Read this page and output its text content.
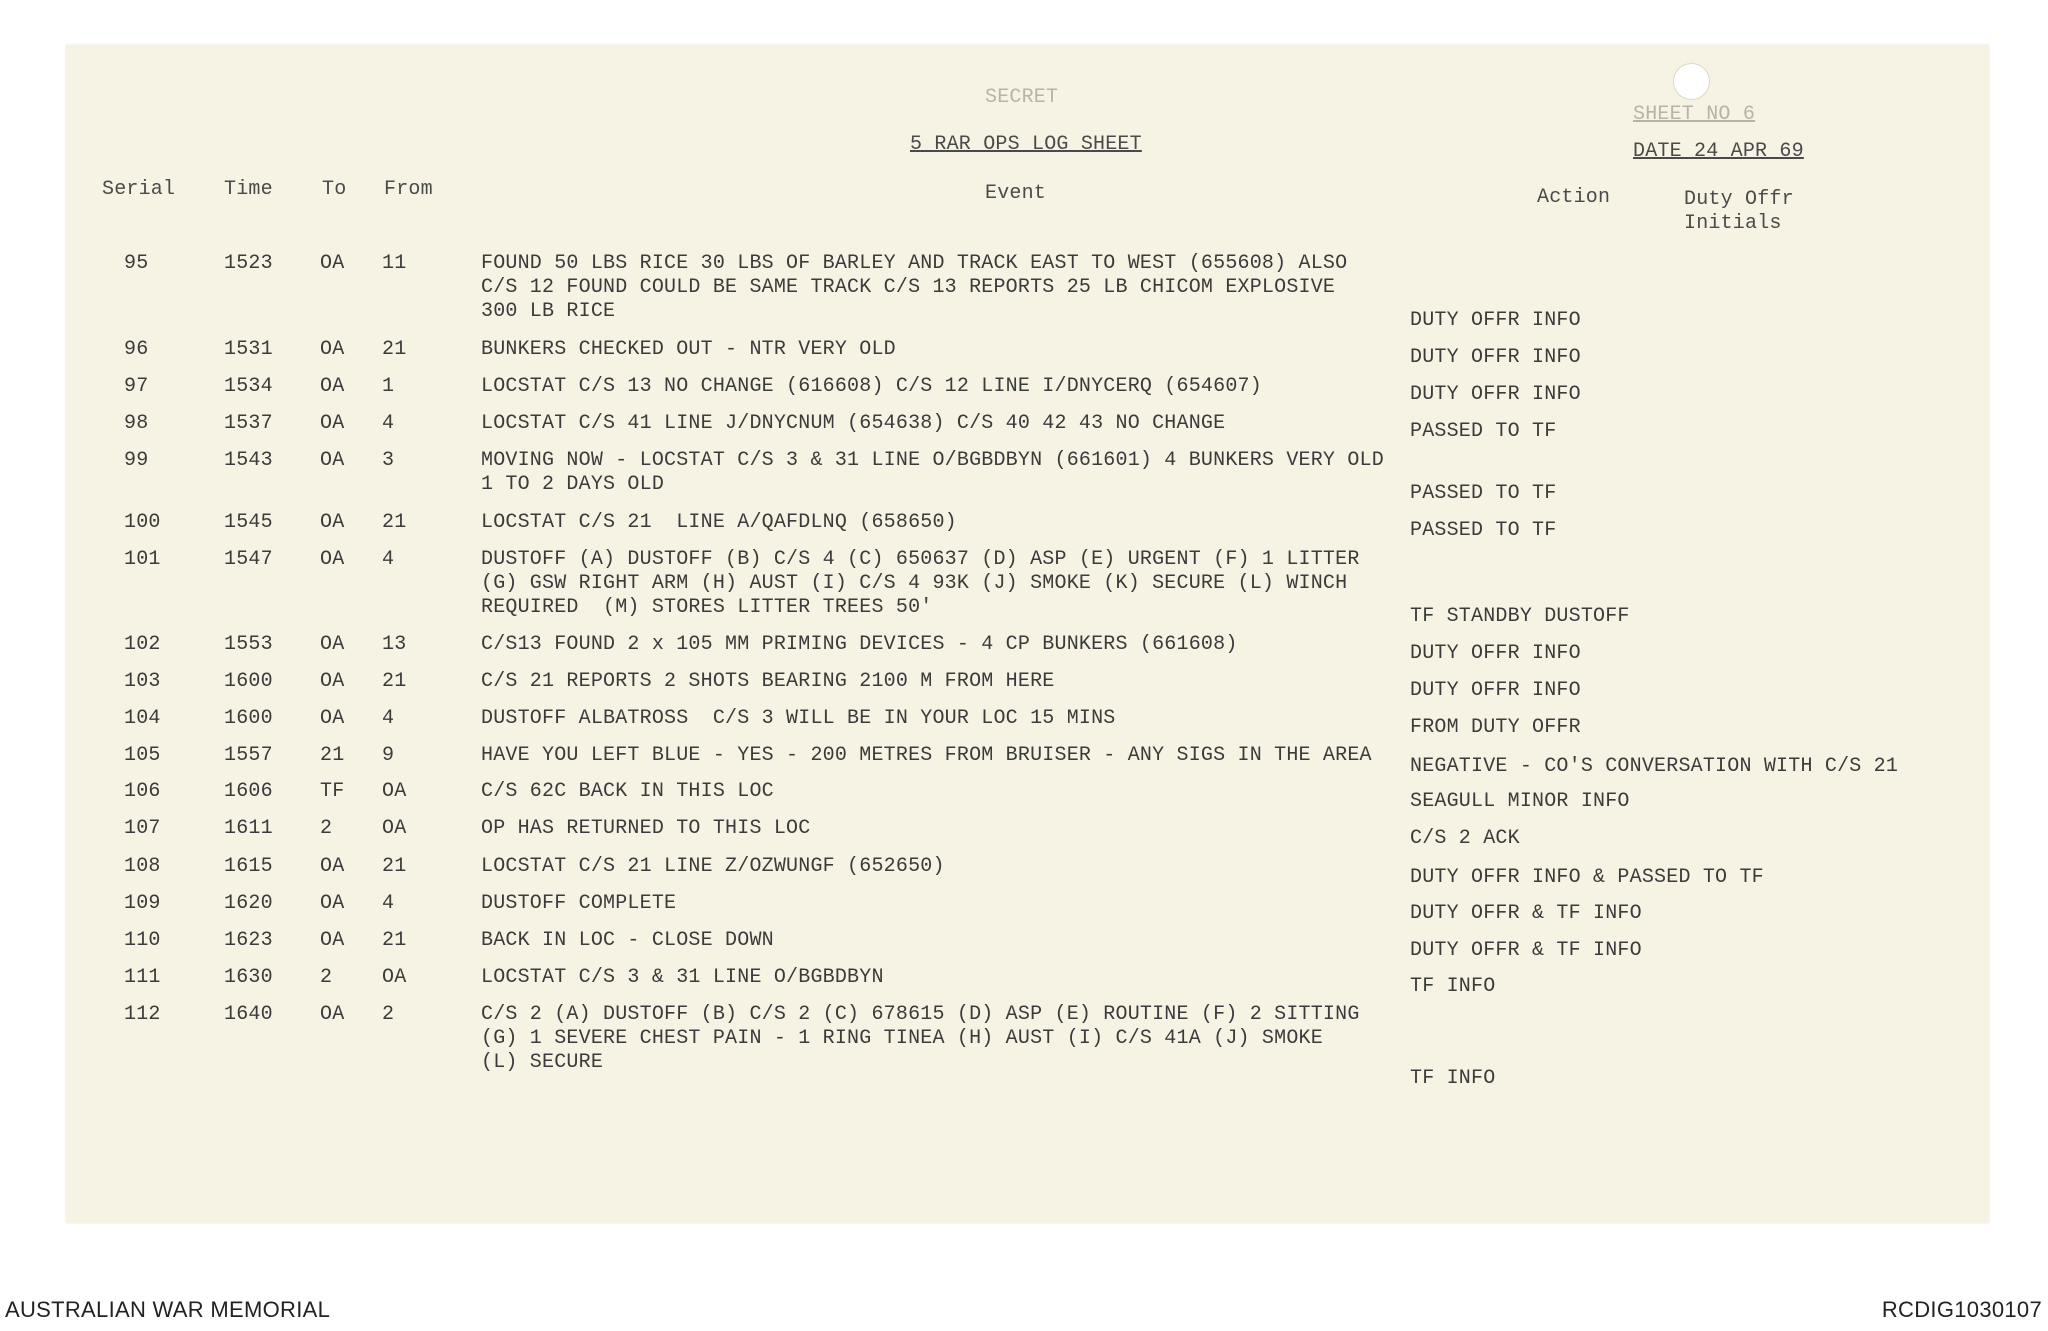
SECRET
5 RAR OPS LOG SHEET
SHEET NO 6
DATE 24 APR 69
Serial Time To From	Event	Action	Duty Offr
Initials
95	1523 OA 11	FOUND 50 LBS RICE 30 LBS OF BARLEY AND TRACK EAST TO WEST (655608) ALSO
C/S 12 FOUND COULD BE SAME TRACK C/S 13 REPORTS 25 LB CHICOM EXPLOSIVE
300 LB RICE	DUTY OFFR INFO
96	1531 OA 21	BUNKERS CHECKED OUT - NTR VERY OLD	DUTY OFFR INFO
97	1534 OA 1	LOCSTAT C/S 13 NO CHANGE (616608) C/S 12 LINE I/DNYCERQ (654607)	DUTY OFFR INFO
98	1537 OA 4	LOCSTAT C/S 41 LINE J/DNYCNUM (654638) C/S 40 42 43 NO CHANGE	PASSED TO TF
99	1543 OA 3	MOVING NOW - LOCSTAT C/S 3 & 31 LINE O/BGBDBYN (661601) 4 BUNKERS VERY OLD
1 TO 2 DAYS OLD	PASSED TO TF
100	1545 OA 21	LOCSTAT C/S 21  LINE A/QAFDLNQ (658650)	PASSED TO TF
101	1547 OA 4	DUSTOFF (A) DUSTOFF (B) C/S 4 (C) 650637 (D) ASP (E) URGENT (F) 1 LITTER
(G) GSW RIGHT ARM (H) AUST (I) C/S 4 93K (J) SMOKE (K) SECURE (L) WINCH
REQUIRED  (M) STORES LITTER TREES 50'	TF STANDBY DUSTOFF
102	1553 OA 13	C/S13 FOUND 2 x 105 MM PRIMING DEVICES - 4 CP BUNKERS (661608)	DUTY OFFR INFO
103	1600 OA 21	C/S 21 REPORTS 2 SHOTS BEARING 2100 M FROM HERE	DUTY OFFR INFO
104	1600 OA 4	DUSTOFF ALBATROSS  C/S 3 WILL BE IN YOUR LOC 15 MINS	FROM DUTY OFFR
105	1557 21 9	HAVE YOU LEFT BLUE - YES - 200 METRES FROM BRUISER - ANY SIGS IN THE AREA	NEGATIVE - CO'S CONVERSATION WITH C/S 21
106	1606 TF OA	C/S 62C BACK IN THIS LOC	SEAGULL MINOR INFO
107	1611 2 OA	OP HAS RETURNED TO THIS LOC	C/S 2 ACK
108	1615 OA 21	LOCSTAT C/S 21 LINE Z/OZWUNGF (652650)	DUTY OFFR INFO & PASSED TO TF
109	1620 OA 4	DUSTOFF COMPLETE	DUTY OFFR & TF INFO
110	1623 OA 21	BACK IN LOC - CLOSE DOWN	DUTY OFFR & TF INFO
111	1630 2 OA	LOCSTAT C/S 3 & 31 LINE O/BGBDBYN	TF INFO
112	1640 OA 2	C/S 2 (A) DUSTOFF (B) C/S 2 (C) 678615 (D) ASP (E) ROUTINE (F) 2 SITTING
(G) 1 SEVERE CHEST PAIN - 1 RING TINEA (H) AUST (I) C/S 41A (J) SMOKE
(L) SECURE
TF INFO
AUSTRALIAN WAR MEMORIAL	RCDIG1030107
